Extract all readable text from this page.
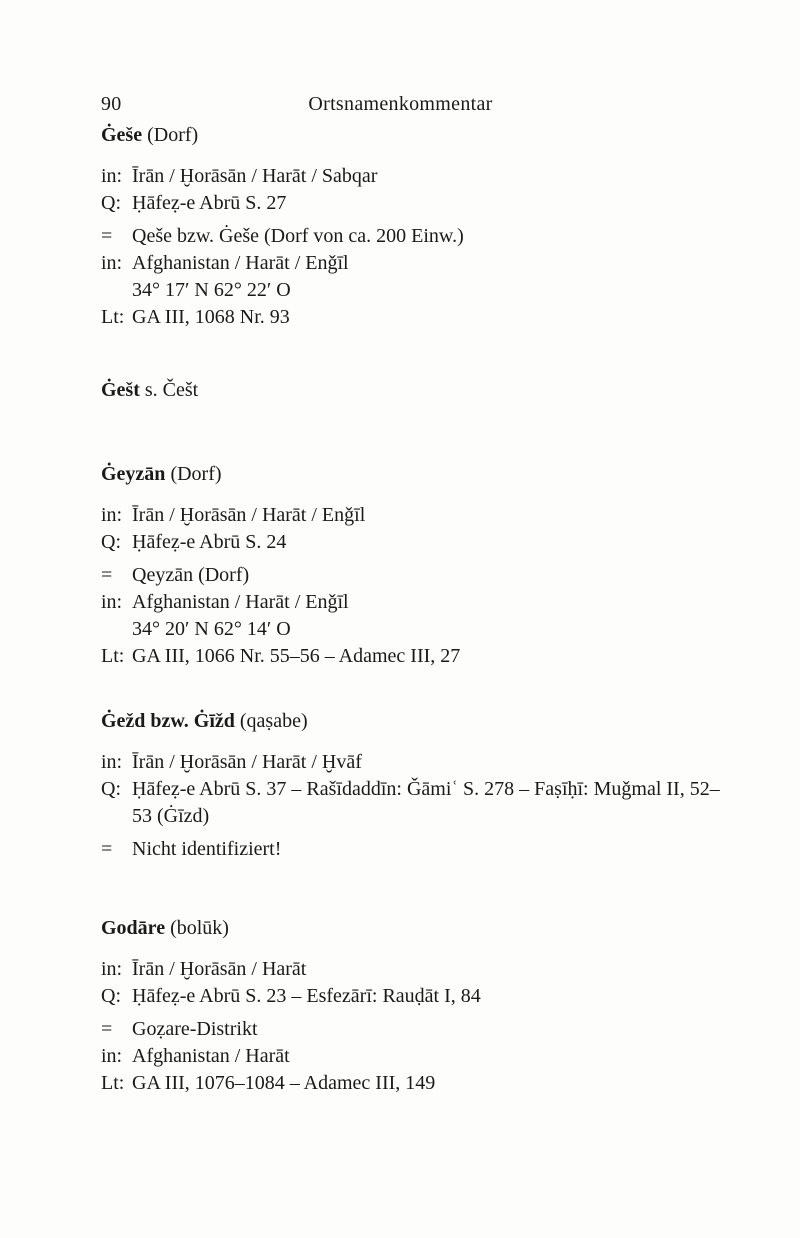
90	Ortsnamenkommentar
Ġeše (Dorf)
in: Īrān / Ḫorāsān / Harāt / Sabqar
Q: Ḥāfeẓ-e Abrū S. 27
= Qeše bzw. Ġeše (Dorf von ca. 200 Einw.)
in: Afghanistan / Harāt / Enǧīl
34° 17′ N 62° 22′ O
Lt: GA III, 1068 Nr. 93
Ġešt s. Češt
Ġeyzān (Dorf)
in: Īrān / Ḫorāsān / Harāt / Enǧīl
Q: Ḥāfeẓ-e Abrū S. 24
= Qeyzān (Dorf)
in: Afghanistan / Harāt / Enǧīl
34° 20′ N 62° 14′ O
Lt: GA III, 1066 Nr. 55–56 – Adamec III, 27
Ġežd bzw. Ġīžd (qaṣabe)
in: Īrān / Ḫorāsān / Harāt / Ḫvāf
Q: Ḥāfeẓ-e Abrū S. 37 – Rašīdaddīn: Ǧāmiʿ S. 278 – Faṣīḥī: Muǧmal II, 52–
53 (Ġīzd)
= Nicht identifiziert!
Godāre (bolūk)
in: Īrān / Ḫorāsān / Harāt
Q: Ḥāfeẓ-e Abrū S. 23 – Esfezārī: Rauḍāt I, 84
= Goẓare-Distrikt
in: Afghanistan / Harāt
Lt: GA III, 1076–1084 – Adamec III, 149
